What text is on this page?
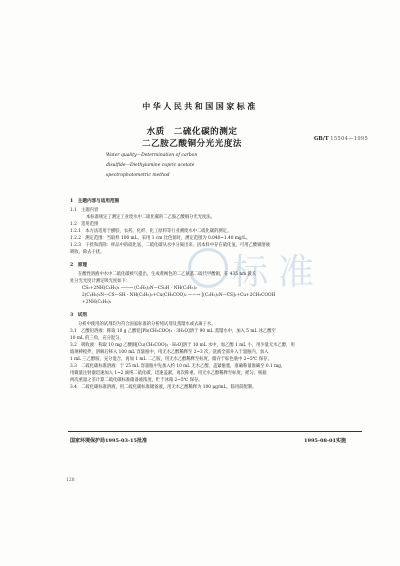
中华人民共和国国家标准
GB/T 15504—1995
水质　二硫化碳的测定
二乙胺乙酸铜分光光度法
Water quality—Determination of carbon
disulfide—Diethylamine cupric acetate
spectrophotometric method
标准

1　主题内容与适用范围

1.1　主题内容

本标准规定了测定工业废水中二硫化碳的二乙胺乙酸铜分光光度法。

1.2　适用范围

1.2.1　本方法适用于横胶、农药、化纤、化工原料等行业测废水中二硫化碳的测定。

1.2.2　测定范围：当取样 100 mL，采用 1 cm 比色皿时，测定范围为 0.040~1.40 mg/L。

1.2.3　干扰和消除：样品中的硫化氢、二硫化碳从水中分离出来，因本样中存在硫化氢，可用乙酸铜溶液

吸收，除去干扰。

2　原理

在酸性溶液中水中二硫化碳被气提出，生成黄褐色的二乙氨基二硫代甲酸铜，在 435 nm 波长

处分光光度计测定吸光度如下：

CS₂+2NH(C₂H₅)₂ ——→ (C₂H₅)₂N—CS₂H · NH(C₂H₅)₂

2(C₂H₅)₂N—CS—SH · NH(C₂H₅)₂+Cu(CH₃COO)₂ ——→ [(C₂H₅)₂N—CS]₂+Cu+2CH₃COOH

+2NH(C₂H₅)₂

3　试剂

分析中使用的试剂均为符合国家标准的分析纯试剂及蒸馏水或去离子水。

3.1　乙酸铅溶液：称取 10 g 乙酸铅[Pb(CH₃COO)₂ · 3H₂O]溶于 90 mL 蒸馏水中，加入 5 mL 冰乙酸至

10 mL 的三角，充分混匀。

3.2　吸收液：称取 10 mg 乙酸铜[Cu(CH₃COO)₂ · H₂O]溶于 10 mL 水中，加乙醇 1 mL 小，用少量无水乙醇，用

玻璃棒搅拌，溶解后移入 100 mL 容量瓶中，用无水乙醇稀释至 2~3 次，洗液全部并入于量瓶内，加入

1 mL 三乙醇胺，充分混合，再加 1 mL 二乙胺，用无水乙醇稀释至标度，储存于棕色瓶中 2~5℃ 保存。

3.3　二硫化碳标准溶液：于 25 mL 容量瓶中先加入约 10 mL 无水乙醇，盖紧瓶塞，准确称量准确至 0.1 mg，

用微量注射器迅速加入 1~2 滴纯二硫化碳，迅速盖紧，再次称重，用无水乙醇稀释至标度，摇匀。根据

两次重量之差计算二硫化碳标准储备液浓度，贮于冰箱 2~5℃ 保存。

3.4　二硫化碳标准溶液，用二硫化碳标准储备液，用无水乙醇稀释为 100 μg/mL，临用前配制。

国家环境保护局1995-03-15批准	1995-08-01实施
128
